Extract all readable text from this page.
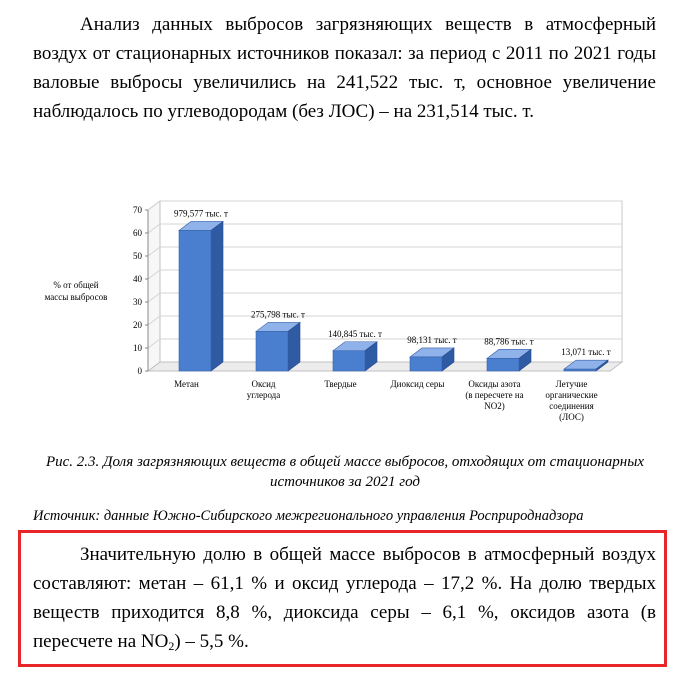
Анализ данных выбросов загрязняющих веществ в атмосферный воздух от стационарных источников показал: за период с 2011 по 2021 годы валовые выбросы увеличились на 241,522 тыс. т, основное увеличение наблюдалось по углеводородам (без ЛОС) – на 231,514 тыс. т.

0
10
20
30
40
50
60
70
% от общей массы выбросов
979,577 тыс. т
Метан
275,798 тыс. т
Оксид углерода
140,845 тыс. т
Твердые
98,131 тыс. т
Диоксид серы
88,786 тыс. т
Оксиды азота (в пересчете на NO2)
13,071 тыс. т
Летучие органические соединения (ЛОС)

Рис. 2.3. Доля загрязняющих веществ в общей массе выбросов, отходящих от стационарных источников за 2021 год

Источник: данные Южно-Сибирского межрегионального управления Росприроднадзора

Значительную долю в общей массе выбросов в атмосферный воздух составляют: метан – 61,1 % и оксид углерода – 17,2 %. На долю твердых веществ приходится 8,8 %, диоксида серы – 6,1 %, оксидов азота (в пересчете на $NO_2) - 5,5$ %.
